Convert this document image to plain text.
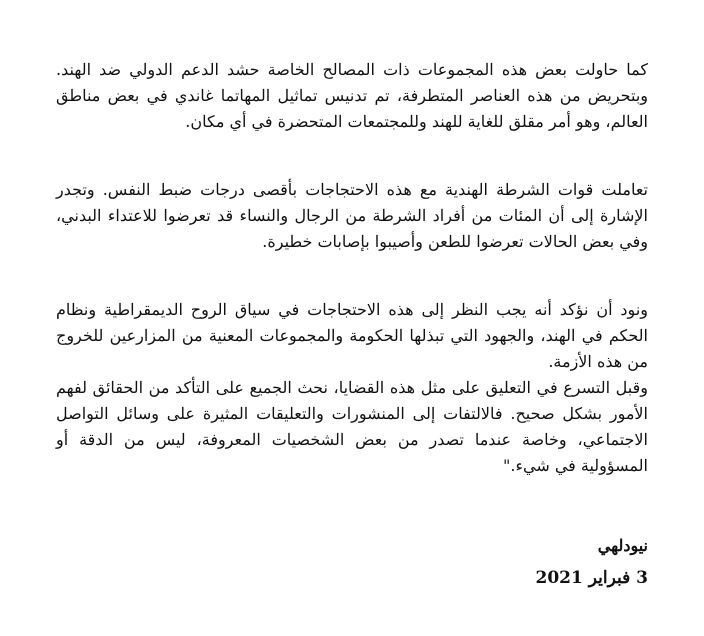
كما حاولت بعض هذه المجموعات ذات المصالح الخاصة حشد الدعم الدولي ضد الهند. وبتحريض من هذه العناصر المتطرفة، تم تدنيس تماثيل المهاتما غاندي في بعض مناطق العالم، وهو أمر مقلق للغاية للهند وللمجتمعات المتحضرة في أي مكان.

تعاملت قوات الشرطة الهندية مع هذه الاحتجاجات بأقصى درجات ضبط النفس. وتجدر الإشارة إلى أن المئات من أفراد الشرطة من الرجال والنساء قد تعرضوا للاعتداء البدني، وفي بعض الحالات تعرضوا للطعن وأصيبوا بإصابات خطيرة.

ونود أن نؤكد أنه يجب النظر إلى هذه الاحتجاجات في سياق الروح الديمقراطية ونظام الحكم في الهند، والجهود التي تبذلها الحكومة والمجموعات المعنية من المزارعين للخروج من هذه الأزمة.

وقبل التسرع في التعليق على مثل هذه القضايا، نحث الجميع على التأكد من الحقائق لفهم الأمور بشكل صحيح. فالالتفات إلى المنشورات والتعليقات المثيرة على وسائل التواصل الاجتماعي، وخاصة عندما تصدر من بعض الشخصيات المعروفة، ليس من الدقة أو المسؤولية في شيء."

نيودلهي

3 فبراير 2021
